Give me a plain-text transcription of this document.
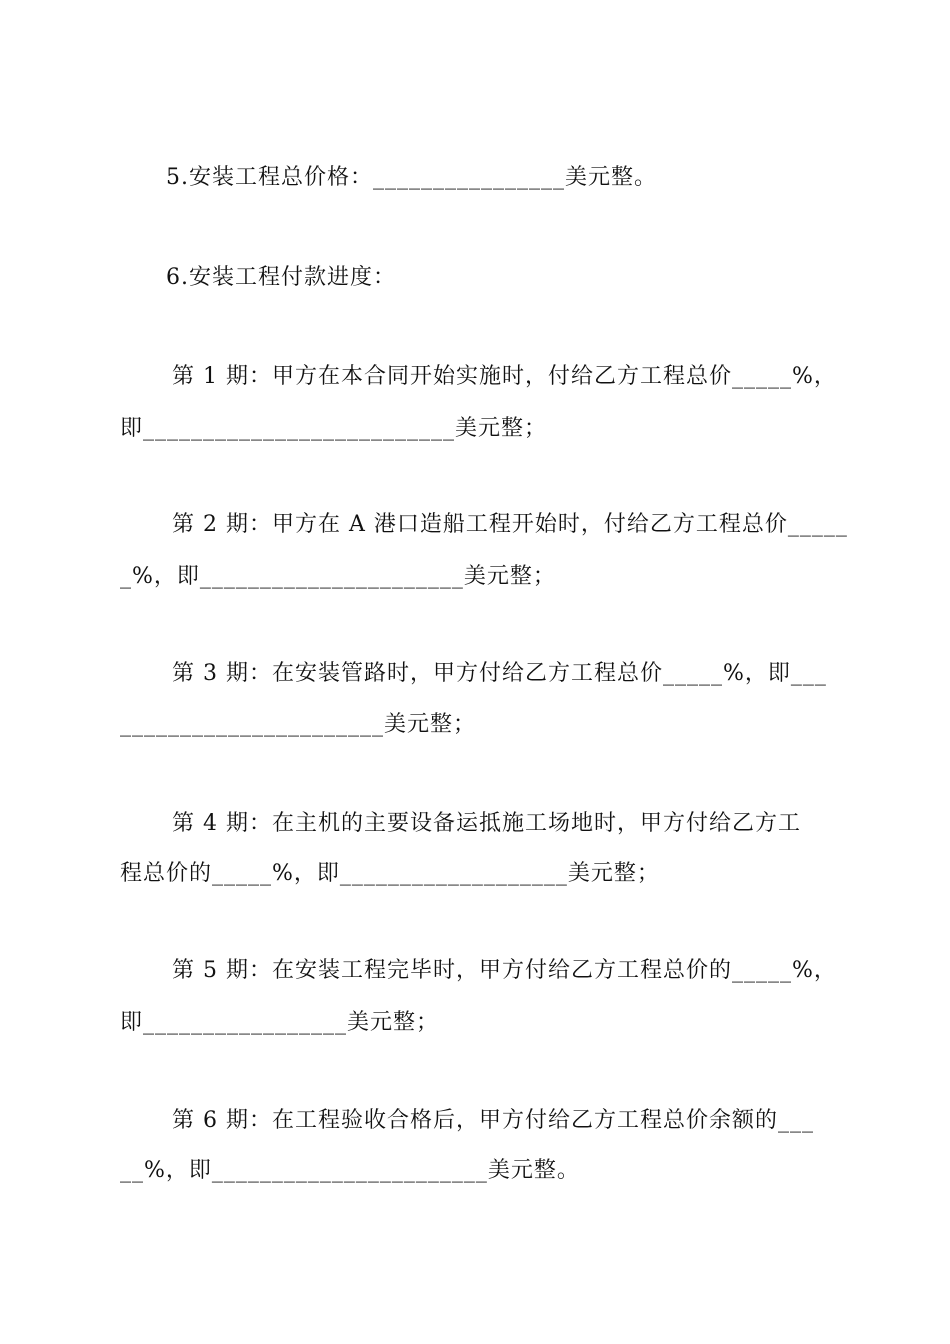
5.安装工程总价格：________________美元整。
6.安装工程付款进度：
第 1 期：甲方在本合同开始实施时，付给乙方工程总价_____%，
即__________________________美元整；
第 2 期：甲方在 A 港口造船工程开始时，付给乙方工程总价_____
_%，即______________________美元整；
第 3 期：在安装管路时，甲方付给乙方工程总价_____%，即___
______________________美元整；
第 4 期：在主机的主要设备运抵施工场地时，甲方付给乙方工
程总价的_____%，即___________________美元整；
第 5 期：在安装工程完毕时，甲方付给乙方工程总价的_____%，
即_________________美元整；
第 6 期：在工程验收合格后，甲方付给乙方工程总价余额的___
__%，即_______________________美元整。
